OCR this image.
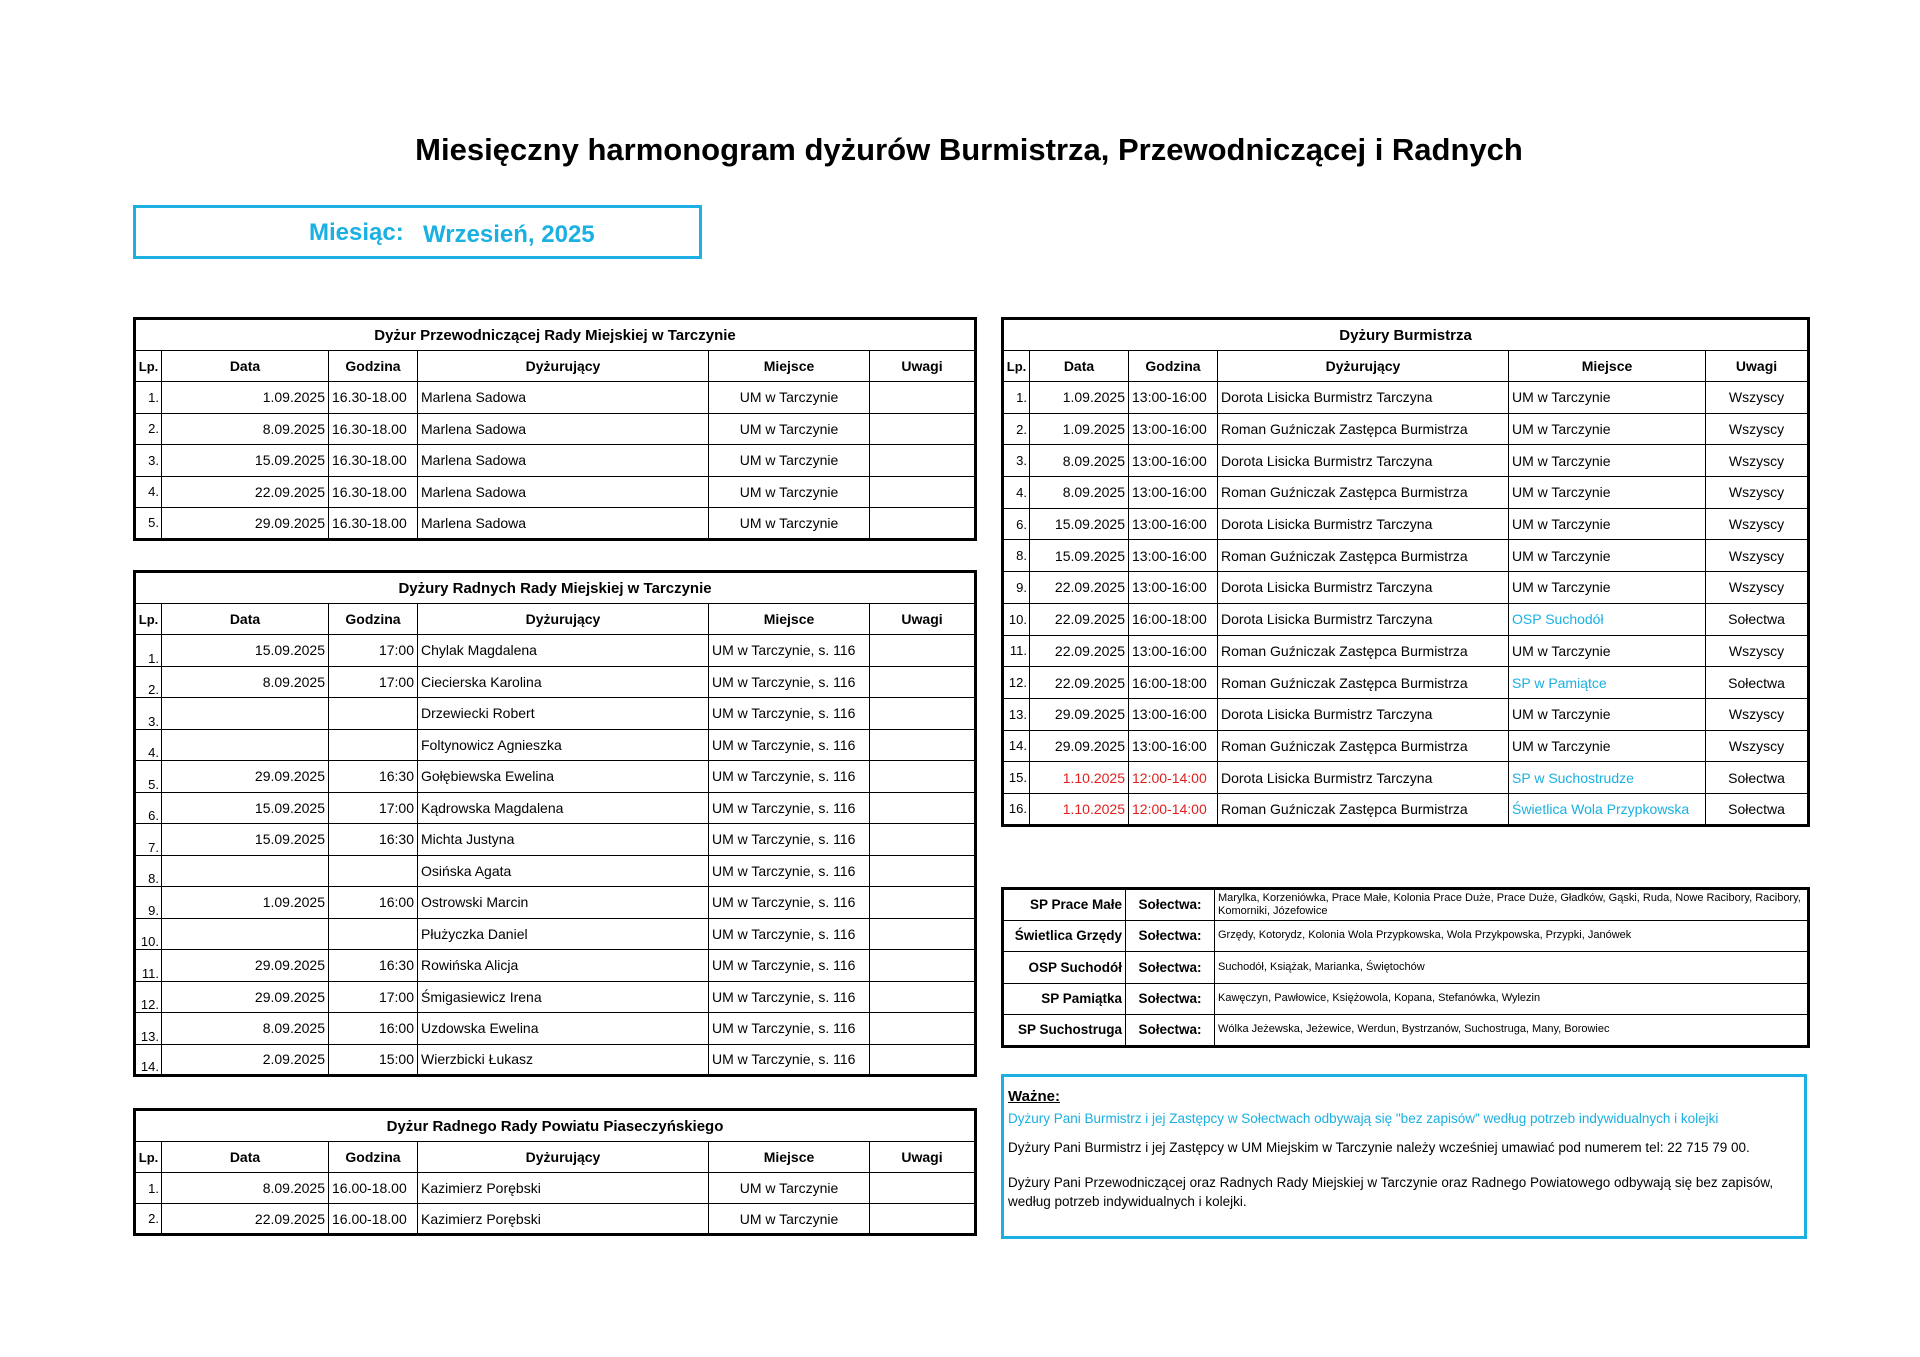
Miesięczny harmonogram dyżurów Burmistrza, Przewodniczącej i Radnych
Miesiąc: Wrzesień, 2025
Dyżur Przewodniczącej Rady Miejskiej w Tarczynie					
Lp.	Data	Godzina	Dyżurujący	Miejsce	Uwagi
1.	1.09.2025	16.30-18.00	Marlena Sadowa	UM w Tarczynie	
2.	8.09.2025	16.30-18.00	Marlena Sadowa	UM w Tarczynie	
3.	15.09.2025	16.30-18.00	Marlena Sadowa	UM w Tarczynie	
4.	22.09.2025	16.30-18.00	Marlena Sadowa	UM w Tarczynie	
5.	29.09.2025	16.30-18.00	Marlena Sadowa	UM w Tarczynie	
Dyżury Radnych Rady Miejskiej w Tarczynie					
Lp.	Data	Godzina	Dyżurujący	Miejsce	Uwagi
1.	15.09.2025	17:00	Chylak Magdalena	UM w Tarczynie, s. 116	
2.	8.09.2025	17:00	Ciecierska Karolina	UM w Tarczynie, s. 116	
3.			Drzewiecki Robert	UM w Tarczynie, s. 116	
4.			Foltynowicz Agnieszka	UM w Tarczynie, s. 116	
5.	29.09.2025	16:30	Gołębiewska Ewelina	UM w Tarczynie, s. 116	
6.	15.09.2025	17:00	Kądrowska Magdalena	UM w Tarczynie, s. 116	
7.	15.09.2025	16:30	Michta Justyna	UM w Tarczynie, s. 116	
8.			Osińska Agata	UM w Tarczynie, s. 116	
9.	1.09.2025	16:00	Ostrowski Marcin	UM w Tarczynie, s. 116	
10.			Płużyczka Daniel	UM w Tarczynie, s. 116	
11.	29.09.2025	16:30	Rowińska Alicja	UM w Tarczynie, s. 116	
12.	29.09.2025	17:00	Śmigasiewicz Irena	UM w Tarczynie, s. 116	
13.	8.09.2025	16:00	Uzdowska Ewelina	UM w Tarczynie, s. 116	
14.	2.09.2025	15:00	Wierzbicki Łukasz	UM w Tarczynie, s. 116	
Dyżur Radnego Rady Powiatu Piaseczyńskiego					
Lp.	Data	Godzina	Dyżurujący	Miejsce	Uwagi
1.	8.09.2025	16.00-18.00	Kazimierz Porębski	UM w Tarczynie	
2.	22.09.2025	16.00-18.00	Kazimierz Porębski	UM w Tarczynie	
Dyżury Burmistrza					
Lp.	Data	Godzina	Dyżurujący	Miejsce	Uwagi
1.	1.09.2025	13:00-16:00	Dorota Lisicka Burmistrz Tarczyna	UM w Tarczynie	Wszyscy
2.	1.09.2025	13:00-16:00	Roman Guźniczak Zastępca Burmistrza	UM w Tarczynie	Wszyscy
3.	8.09.2025	13:00-16:00	Dorota Lisicka Burmistrz Tarczyna	UM w Tarczynie	Wszyscy
4.	8.09.2025	13:00-16:00	Roman Guźniczak Zastępca Burmistrza	UM w Tarczynie	Wszyscy
6.	15.09.2025	13:00-16:00	Dorota Lisicka Burmistrz Tarczyna	UM w Tarczynie	Wszyscy
8.	15.09.2025	13:00-16:00	Roman Guźniczak Zastępca Burmistrza	UM w Tarczynie	Wszyscy
9.	22.09.2025	13:00-16:00	Dorota Lisicka Burmistrz Tarczyna	UM w Tarczynie	Wszyscy
10.	22.09.2025	16:00-18:00	Dorota Lisicka Burmistrz Tarczyna	OSP Suchodół	Sołectwa
11.	22.09.2025	13:00-16:00	Roman Guźniczak Zastępca Burmistrza	UM w Tarczynie	Wszyscy
12.	22.09.2025	16:00-18:00	Roman Guźniczak Zastępca Burmistrza	SP w Pamiątce	Sołectwa
13.	29.09.2025	13:00-16:00	Dorota Lisicka Burmistrz Tarczyna	UM w Tarczynie	Wszyscy
14.	29.09.2025	13:00-16:00	Roman Guźniczak Zastępca Burmistrza	UM w Tarczynie	Wszyscy
15.	1.10.2025	12:00-14:00	Dorota Lisicka Burmistrz Tarczyna	SP w Suchostrudze	Sołectwa
16.	1.10.2025	12:00-14:00	Roman Guźniczak Zastępca Burmistrza	Świetlica Wola Przypkowska	Sołectwa
SP Prace Małe	Sołectwa:	Marylka, Korzeniówka, Prace Małe, Kolonia Prace Duże, Prace Duże, Gładków, Gąski, Ruda, Nowe Racibory, Racibory, Komorniki, Józefowice
Świetlica Grzędy	Sołectwa:	Grzędy, Kotorydz, Kolonia Wola Przypkowska, Wola Przykpowska, Przypki, Janówek
OSP Suchodół	Sołectwa:	Suchodół, Książak, Marianka, Świętochów
SP Pamiątka	Sołectwa:	Kawęczyn, Pawłowice, Księżowola, Kopana, Stefanówka, Wylezin
SP Suchostruga	Sołectwa:	Wólka Jeżewska, Jeżewice, Werdun, Bystrzanów, Suchostruga, Many, Borowiec
Ważne:

Dyżury Pani Burmistrz i jej Zastępcy w Sołectwach odbywają się "bez zapisów" według potrzeb indywidualnych i kolejki

Dyżury Pani Burmistrz i jej Zastępcy w UM Miejskim w Tarczynie należy wcześniej umawiać pod numerem tel: 22 715 79 00.

Dyżury Pani Przewodniczącej oraz Radnych Rady Miejskiej w Tarczynie oraz Radnego Powiatowego odbywają się bez zapisów, według potrzeb indywidualnych i kolejki.
